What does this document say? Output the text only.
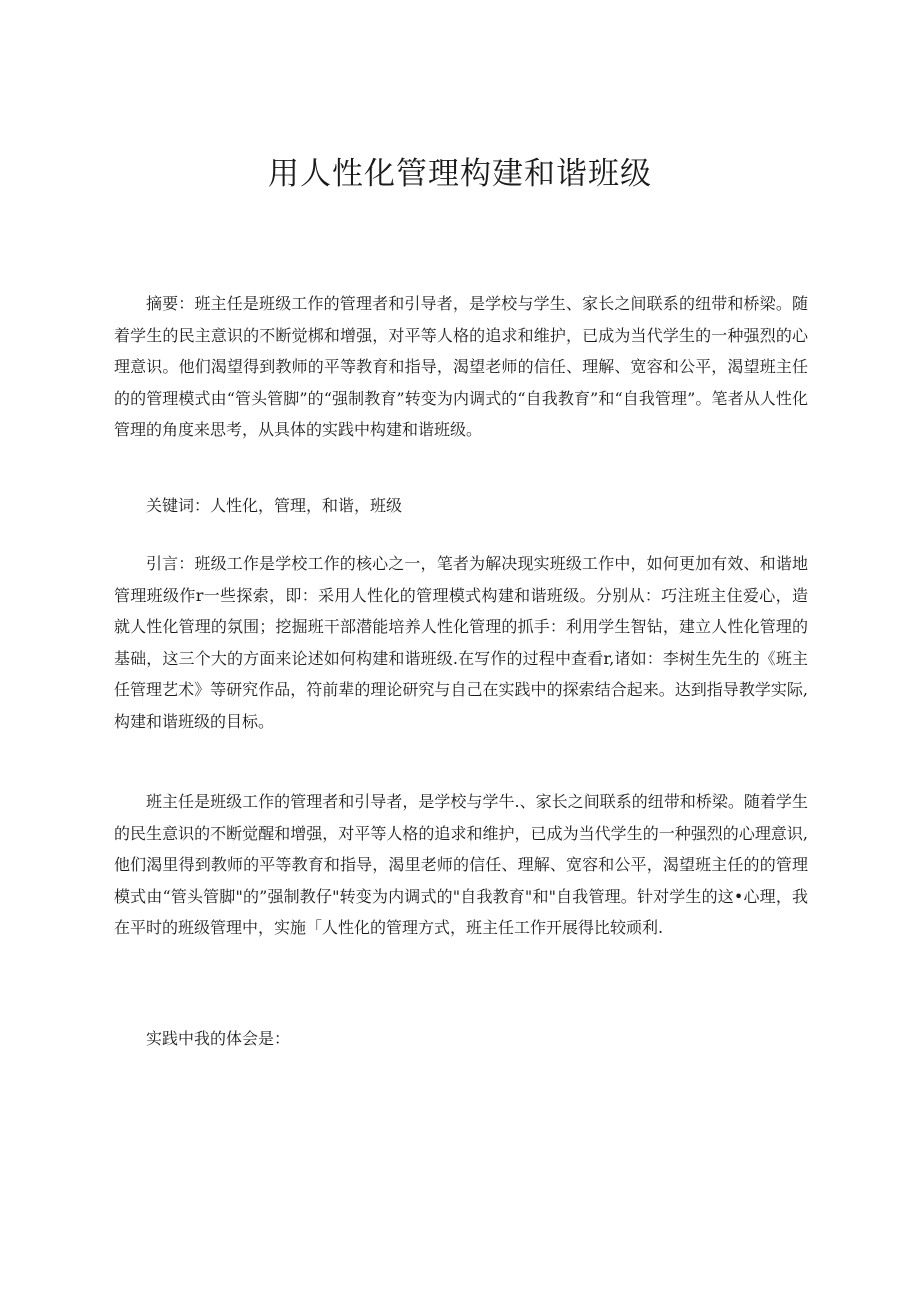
用人性化管理构建和谐班级

摘要：班主任是班级工作的管理者和引导者，是学校与学生、家长之间联系的纽带和桥梁。随着学生的民主意识的不断觉梆和增强，对平等人格的追求和维护，已成为当代学生的一种强烈的心理意识。他们渴望得到教师的平等教育和指导，渴望老师的信任、理解、宽容和公平，渴望班主任的的管理模式由“管头管脚”的“强制教育”转变为内调式的“自我教育”和“自我管理”。笔者从人性化管理的角度来思考，从具体的实践中构建和谐班级。

关键词：人性化，管理，和谐，班级

引言：班级工作是学校工作的核心之一，笔者为解决现实班级工作中，如何更加有效、和谐地管理班级作r一些探索，即：采用人性化的管理模式构建和谐班级。分别从：巧注班主住爱心，造就人性化管理的氛围；挖掘班干部潜能培养人性化管理的抓手：利用学生智钻，建立人性化管理的基础，这三个大的方面来论述如何构建和谐班级.在写作的过程中查看r,诸如：李树生先生的《班主任管理艺术》等研究作品，符前辈的理论研究与自己在实践中的探索结合起来。达到指导教学实际,构建和谐班级的目标。

班主任是班级工作的管理者和引导者，是学校与学牛.、家长之间联系的纽带和桥梁。随着学生的民生意识的不断觉醒和增强，对平等人格的追求和维护，已成为当代学生的一种强烈的心理意识,他们渴里得到教师的平等教育和指导，渴里老师的信任、理解、宽容和公平，渴望班主任的的管理模式由“管头管脚"的”强制教仔"转变为内调式的"自我教育"和"自我管理。针对学生的这•心理，我在平时的班级管理中，实施「人性化的管理方式，班主任工作开展得比较顽利.

实践中我的体会是：
